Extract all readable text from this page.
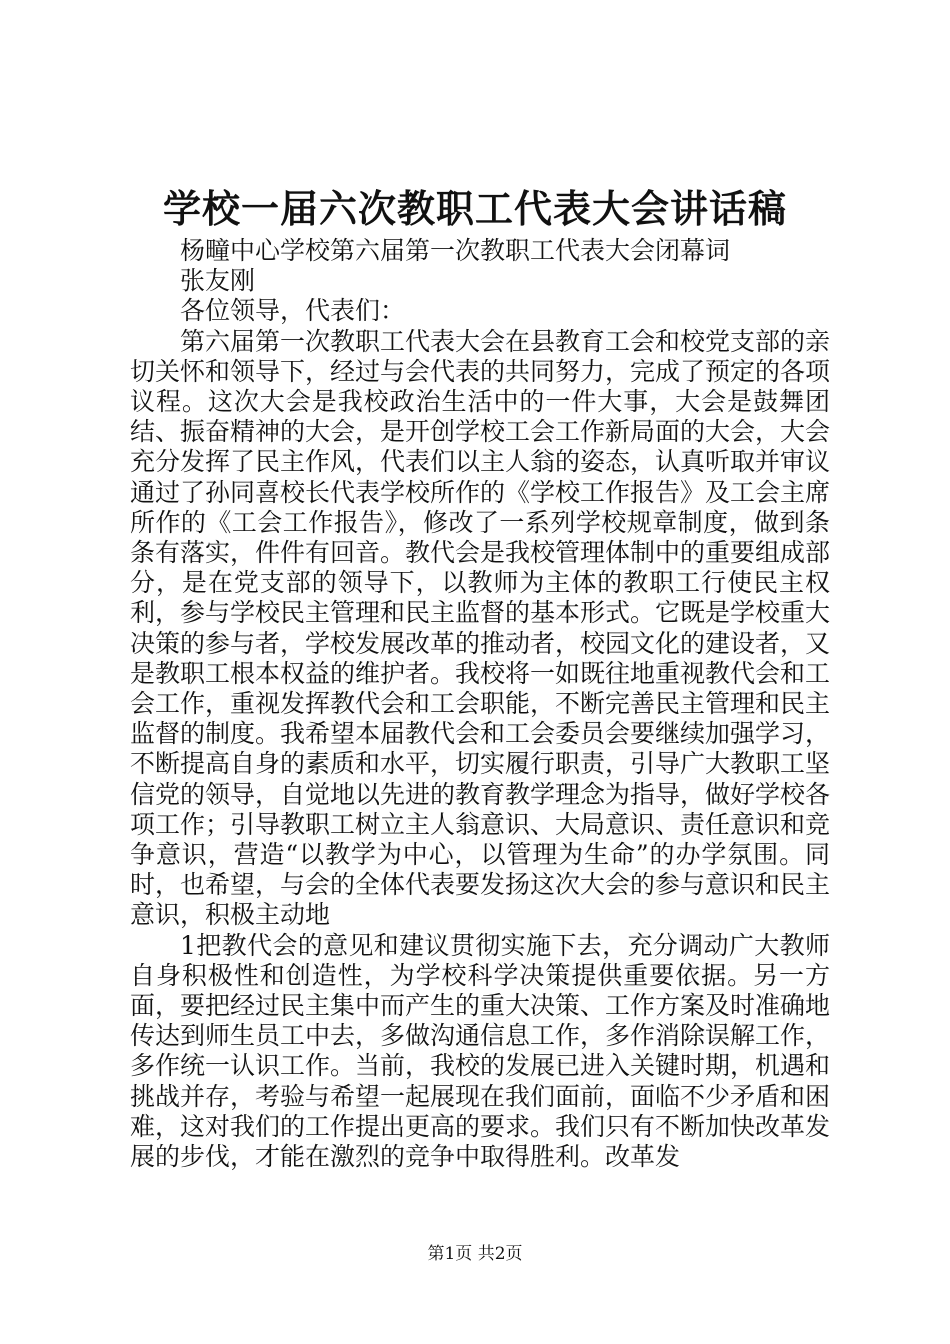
学校一届六次教职工代表大会讲话稿

杨疃中心学校第六届第一次教职工代表大会闭幕词

张友刚

各位领导，代表们：

第六届第一次教职工代表大会在县教育工会和校党支部的亲切关怀和领导下，经过与会代表的共同努力，完成了预定的各项议程。这次大会是我校政治生活中的一件大事，大会是鼓舞团结、振奋精神的大会，是开创学校工会工作新局面的大会，大会充分发挥了民主作风，代表们以主人翁的姿态，认真听取并审议通过了孙同喜校长代表学校所作的《学校工作报告》及工会主席所作的《工会工作报告》，修改了一系列学校规章制度，做到条条有落实，件件有回音。教代会是我校管理体制中的重要组成部分，是在党支部的领导下，以教师为主体的教职工行使民主权利，参与学校民主管理和民主监督的基本形式。它既是学校重大决策的参与者，学校发展改革的推动者，校园文化的建设者，又是教职工根本权益的维护者。我校将一如既往地重视教代会和工会工作，重视发挥教代会和工会职能，不断完善民主管理和民主监督的制度。我希望本届教代会和工会委员会要继续加强学习，不断提高自身的素质和水平，切实履行职责，引导广大教职工坚信党的领导，自觉地以先进的教育教学理念为指导，做好学校各项工作；引导教职工树立主人翁意识、大局意识、责任意识和竞争意识，营造“以教学为中心，以管理为生命”的办学氛围。同时，也希望，与会的全体代表要发扬这次大会的参与意识和民主意识，积极主动地

1把教代会的意见和建议贯彻实施下去，充分调动广大教师自身积极性和创造性，为学校科学决策提供重要依据。另一方面，要把经过民主集中而产生的重大决策、工作方案及时准确地传达到师生员工中去，多做沟通信息工作，多作消除误解工作，多作统一认识工作。当前，我校的发展已进入关键时期，机遇和挑战并存，考验与希望一起展现在我们面前，面临不少矛盾和困难，这对我们的工作提出更高的要求。我们只有不断加快改革发展的步伐，才能在激烈的竞争中取得胜利。改革发

第1页 共2页
